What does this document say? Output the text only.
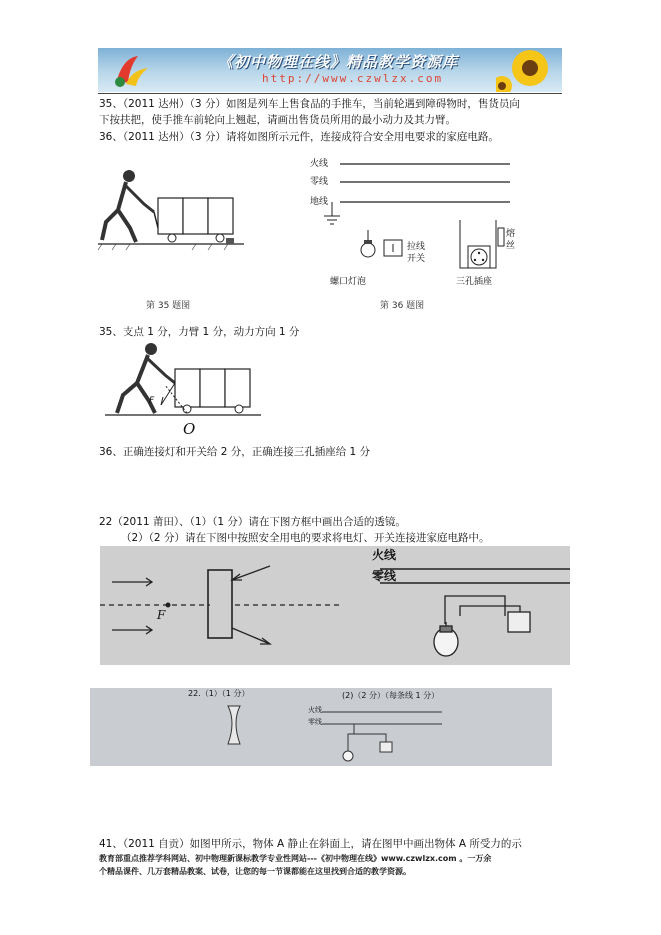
《初中物理在线》精品教学资源库
http://www.czwlzx.com
35、（2011 达州）（3 分）如图是列车上售食品的手推车，当前轮遇到障碍物时，售货员向
下按扶把，使手推车前轮向上翘起，请画出售货员所用的最小动力及其力臂。
36、（2011 达州）（3 分）请将如图所示元件，连接成符合安全用电要求的家庭电路。
火线
零线
地线
熔丝
拉线开关
螺口灯泡	三孔插座
第 35 题图	第 36 题图
35、支点 1 分，力臂 1 分，动力方向 1 分
F
O
36、正确连接灯和开关给 2 分，正确连接三孔插座给 1 分
22（2011 莆田）、（1）（1 分）请在下图方框中画出合适的透镜。
（2）（2 分）请在下图中按照安全用电的要求将电灯、开关连接进家庭电路中。
火线
零线
F
22.（1）（1 分）	(2)（2 分）（每条线 1 分）
火线
零线
41、（2011 自贡）如图甲所示，物体 A 静止在斜面上，请在图甲中画出物体 A 所受力的示
教育部重点推荐学科网站、初中物理新课标教学专业性网站---《初中物理在线》www.czwlzx.com 。一万余
个精品课件、几万套精品教案、试卷，让您的每一节课都能在这里找到合适的教学资源。
